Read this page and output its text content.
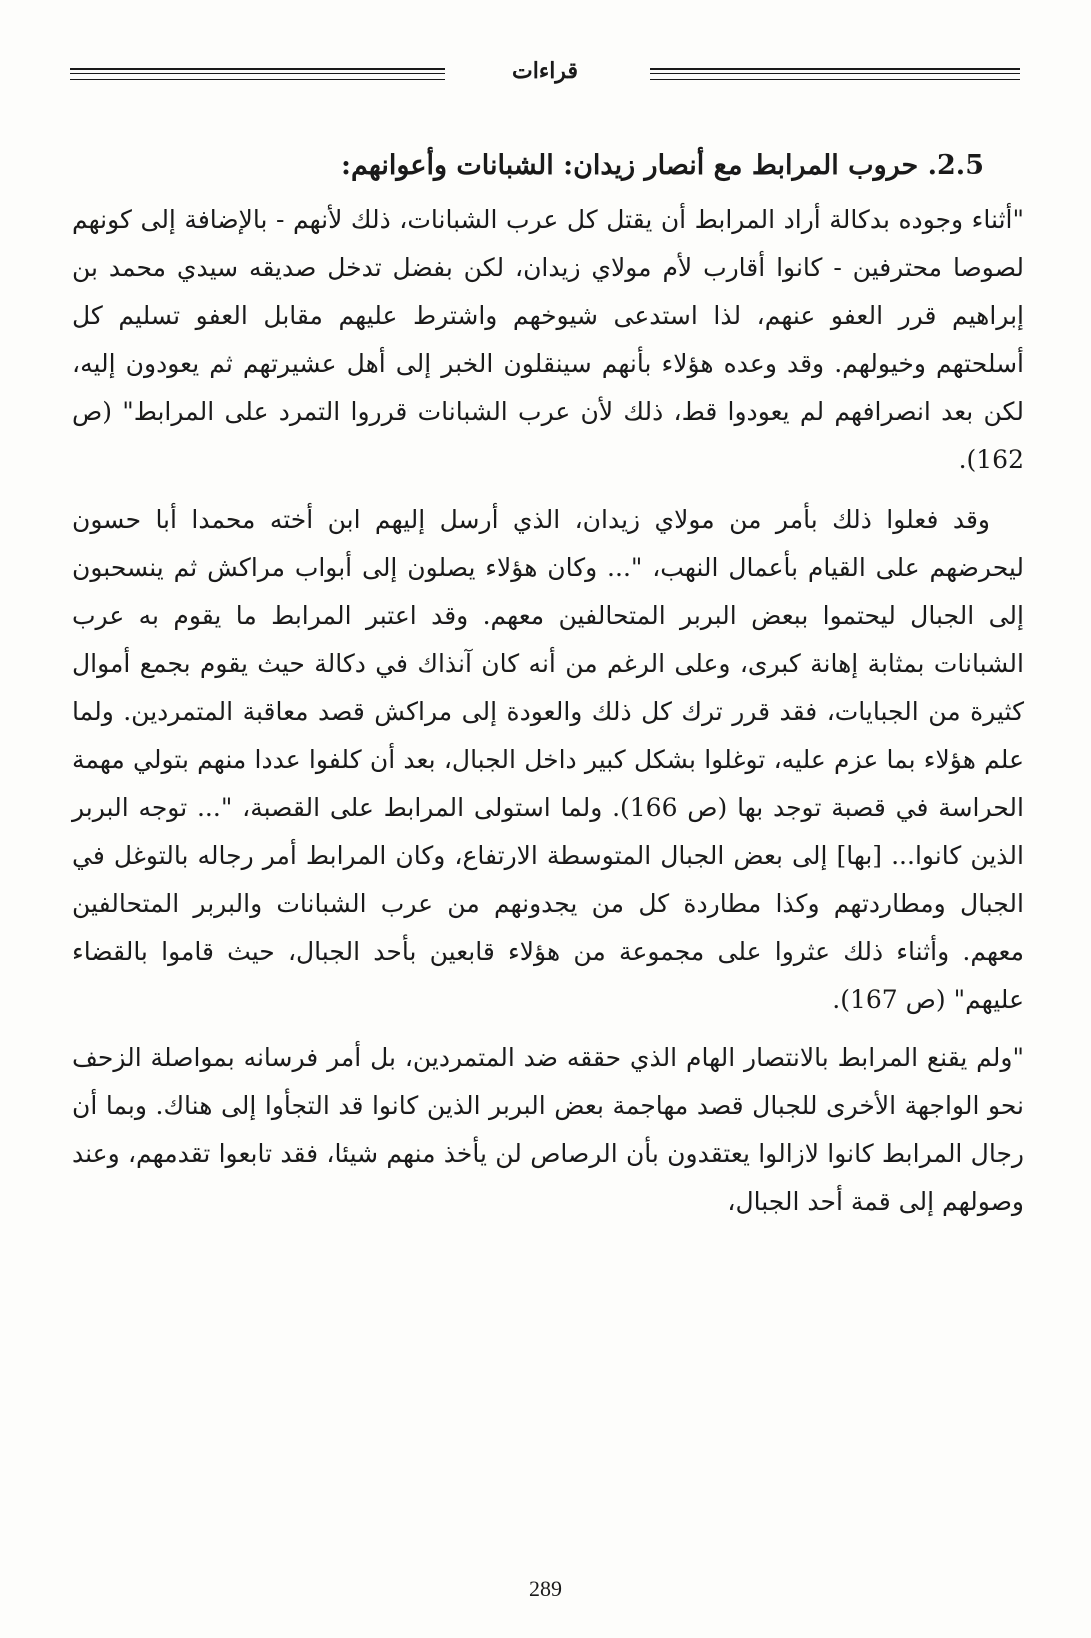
قراءات
2.5. حروب المرابط مع أنصار زيدان: الشبانات وأعوانهم:

"أثناء وجوده بدكالة أراد المرابط أن يقتل كل عرب الشبانات، ذلك لأنهم - بالإضافة إلى كونهم لصوصا محترفين - كانوا أقارب لأم مولاي زيدان، لكن بفضل تدخل صديقه سيدي محمد بن إبراهيم قرر العفو عنهم، لذا استدعى شيوخهم واشترط عليهم مقابل العفو تسليم كل أسلحتهم وخيولهم. وقد وعده هؤلاء بأنهم سينقلون الخبر إلى أهل عشيرتهم ثم يعودون إليه، لكن بعد انصرافهم لم يعودوا قط، ذلك لأن عرب الشبانات قرروا التمرد على المرابط" (ص 162).

وقد فعلوا ذلك بأمر من مولاي زيدان، الذي أرسل إليهم ابن أخته محمدا أبا حسون ليحرضهم على القيام بأعمال النهب، "... وكان هؤلاء يصلون إلى أبواب مراكش ثم ينسحبون إلى الجبال ليحتموا ببعض البربر المتحالفين معهم. وقد اعتبر المرابط ما يقوم به عرب الشبانات بمثابة إهانة كبرى، وعلى الرغم من أنه كان آنذاك في دكالة حيث يقوم بجمع أموال كثيرة من الجبايات، فقد قرر ترك كل ذلك والعودة إلى مراكش قصد معاقبة المتمردين. ولما علم هؤلاء بما عزم عليه، توغلوا بشكل كبير داخل الجبال، بعد أن كلفوا عددا منهم بتولي مهمة الحراسة في قصبة توجد بها (ص 166). ولما استولى المرابط على القصبة، "... توجه البربر الذين كانوا... [بها] إلى بعض الجبال المتوسطة الارتفاع، وكان المرابط أمر رجاله بالتوغل في الجبال ومطاردتهم وكذا مطاردة كل من يجدونهم من عرب الشبانات والبربر المتحالفين معهم. وأثناء ذلك عثروا على مجموعة من هؤلاء قابعين بأحد الجبال، حيث قاموا بالقضاء عليهم" (ص 167).

"ولم يقنع المرابط بالانتصار الهام الذي حققه ضد المتمردين، بل أمر فرسانه بمواصلة الزحف نحو الواجهة الأخرى للجبال قصد مهاجمة بعض البربر الذين كانوا قد التجأوا إلى هناك. وبما أن رجال المرابط كانوا لازالوا يعتقدون بأن الرصاص لن يأخذ منهم شيئا، فقد تابعوا تقدمهم، وعند وصولهم إلى قمة أحد الجبال،

289
